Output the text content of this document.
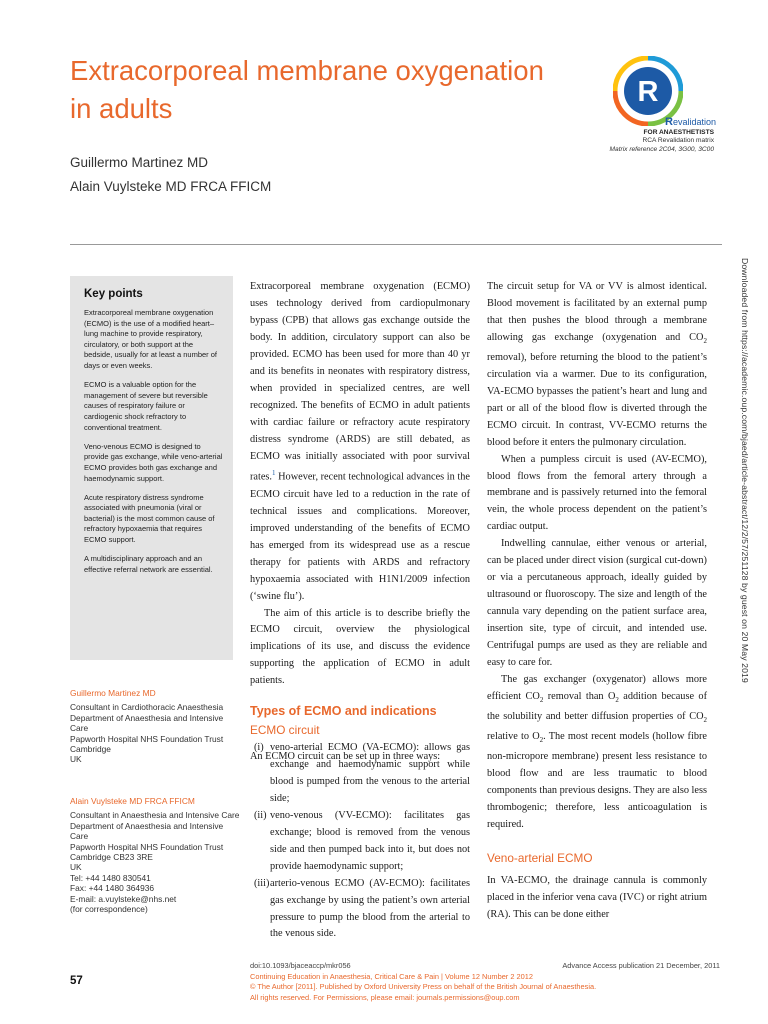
Extracorporeal membrane oxygenation
in adults
Guillermo Martinez MD
Alain Vuylsteke MD FRCA FFICM
R
Revalidation
FOR ANAESTHETISTS
RCA Revalidation matrix
Matrix reference 2C04, 3G00, 3C00
Key points

Extracorporeal membrane oxygenation (ECMO) is the use of a modified heart–lung machine to provide respiratory, circulatory, or both support at the bedside, usually for at least a number of days or even weeks.

ECMO is a valuable option for the management of severe but reversible causes of respiratory failure or cardiogenic shock refractory to conventional treatment.

Veno-venous ECMO is designed to provide gas exchange, while veno-arterial ECMO provides both gas exchange and haemodynamic support.

Acute respiratory distress syndrome associated with pneumonia (viral or bacterial) is the most common cause of refractory hypoxaemia that requires ECMO support.

A multidisciplinary approach and an effective referral network are essential.

Guillermo Martinez MD
Consultant in Cardiothoracic Anaesthesia
Department of Anaesthesia and Intensive Care
Papworth Hospital NHS Foundation Trust
Cambridge
UK
Alain Vuylsteke MD FRCA FFICM
Consultant in Anaesthesia and Intensive Care
Department of Anaesthesia and Intensive Care
Papworth Hospital NHS Foundation Trust
Cambridge CB23 3RE
UK
Tel: +44 1480 830541
Fax: +44 1480 364936
E-mail: a.vuylsteke@nhs.net
(for correspondence)

Extracorporeal membrane oxygenation (ECMO) uses technology derived from cardiopulmonary bypass (CPB) that allows gas exchange outside the body. In addition, circulatory support can also be provided. ECMO has been used for more than 40 yr and its benefits in neonates with respiratory distress, when provided in specialized centres, are well recognized. The benefits of ECMO in adult patients with cardiac failure or refractory acute respiratory distress syndrome (ARDS) are still debated, as ECMO was initially associated with poor survival rates.$^1$ However, recent technological advances in the ECMO circuit have led to a reduction in the rate of technical issues and complications. Moreover, improved understanding of the benefits of ECMO has emerged from its widespread use as a rescue therapy for patients with ARDS and refractory hypoxaemia associated with H1N1/2009 infection (‘swine flu’).

The aim of this article is to describe briefly the ECMO circuit, overview the physiological implications of its use, and discuss the evidence supporting the application of ECMO in adult patients.

Types of ECMO and indications
ECMO circuit

An ECMO circuit can be set up in three ways:

(i) veno-arterial ECMO (VA-ECMO): allows gas exchange and haemodynamic support while blood is pumped from the venous to the arterial side;
(ii) veno-venous (VV-ECMO): facilitates gas exchange; blood is removed from the venous side and then pumped back into it, but does not provide haemodynamic support;
(iii) arterio-venous ECMO (AV-ECMO): facilitates gas exchange by using the patient’s own arterial pressure to pump the blood from the arterial to the venous side.

The circuit setup for VA or VV is almost identical. Blood movement is facilitated by an external pump that then pushes the blood through a membrane allowing gas exchange (oxygenation and $CO_2$ removal), before returning the blood to the patient’s circulation via a warmer. Due to its configuration, VA-ECMO bypasses the patient’s heart and lung and part or all of the blood flow is diverted through the ECMO circuit. In contrast, VV-ECMO returns the blood before it enters the pulmonary circulation.

When a pumpless circuit is used (AV-ECMO), blood flows from the femoral artery through a membrane and is passively returned into the femoral vein, the whole process dependent on the patient’s cardiac output.

Indwelling cannulae, either venous or arterial, can be placed under direct vision (surgical cut-down) or via a percutaneous approach, ideally guided by ultrasound or fluoroscopy. The size and length of the cannula vary depending on the patient surface area, insertion site, type of circuit, and intended use. Centrifugal pumps are used as they are reliable and easy to care for.

The gas exchanger (oxygenator) allows more efficient $CO_2$ removal than $O_2$ addition because of the solubility and better diffusion properties of $CO_2$ relative to $O_2$. The most recent models (hollow fibre non-micropore membrane) present less resistance to blood flow and are less traumatic to blood components than previous designs. They are also less thrombogenic; therefore, less anticoagulation is required.

Veno-arterial ECMO

In VA-ECMO, the drainage cannula is commonly placed in the inferior vena cava (IVC) or right atrium (RA). This can be done either

Downloaded from https://academic.oup.com/bjaed/article-abstract/12/2/57/251128 by guest on 20 May 2019
57
doi:10.1093/bjaceaccp/mkr056	Advance Access publication 21 December, 2011
Continuing Education in Anaesthesia, Critical Care & Pain | Volume 12 Number 2 2012
© The Author [2011]. Published by Oxford University Press on behalf of the British Journal of Anaesthesia.
All rights reserved. For Permissions, please email: journals.permissions@oup.com
